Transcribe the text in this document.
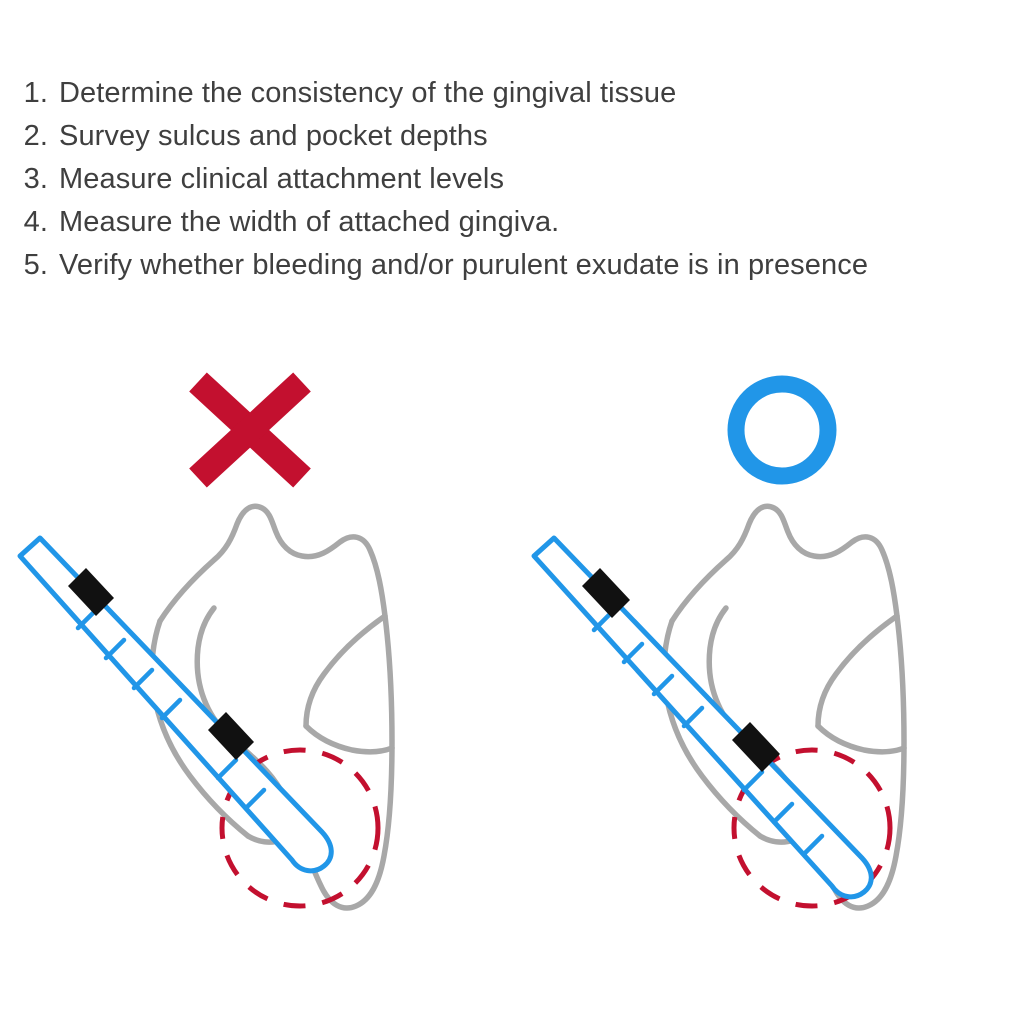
1. Determine the consistency of the gingival tissue
2. Survey sulcus and pocket depths
3. Measure clinical attachment levels
4. Measure the width of attached gingiva.
5. Verify whether bleeding and/or purulent exudate is in presence
